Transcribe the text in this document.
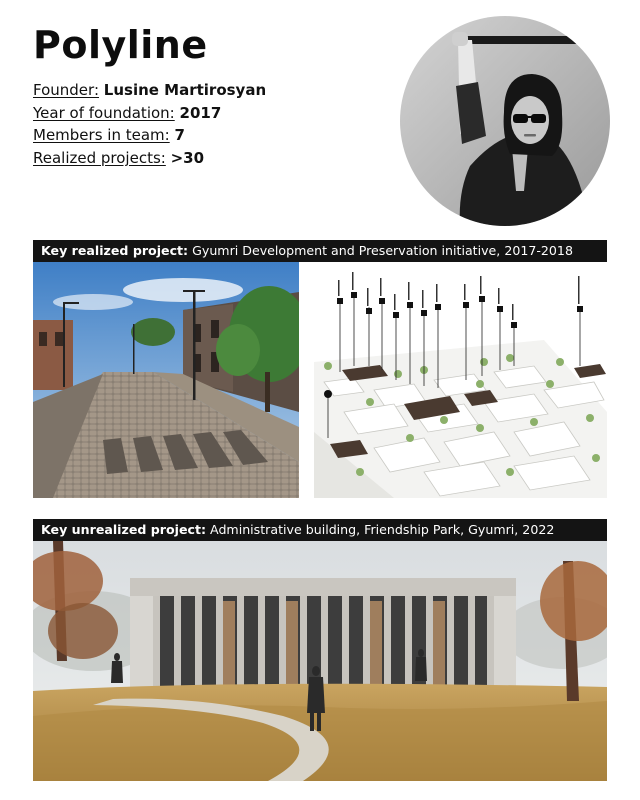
Polyline
Founder: Lusine Martirosyan
Year of foundation: 2017
Members in team: 7
Realized projects: >30
Key realized project: Gyumri Development and Preservation initiative, 2017-2018
Key unrealized project: Administrative building, Friendship Park, Gyumri, 2022
